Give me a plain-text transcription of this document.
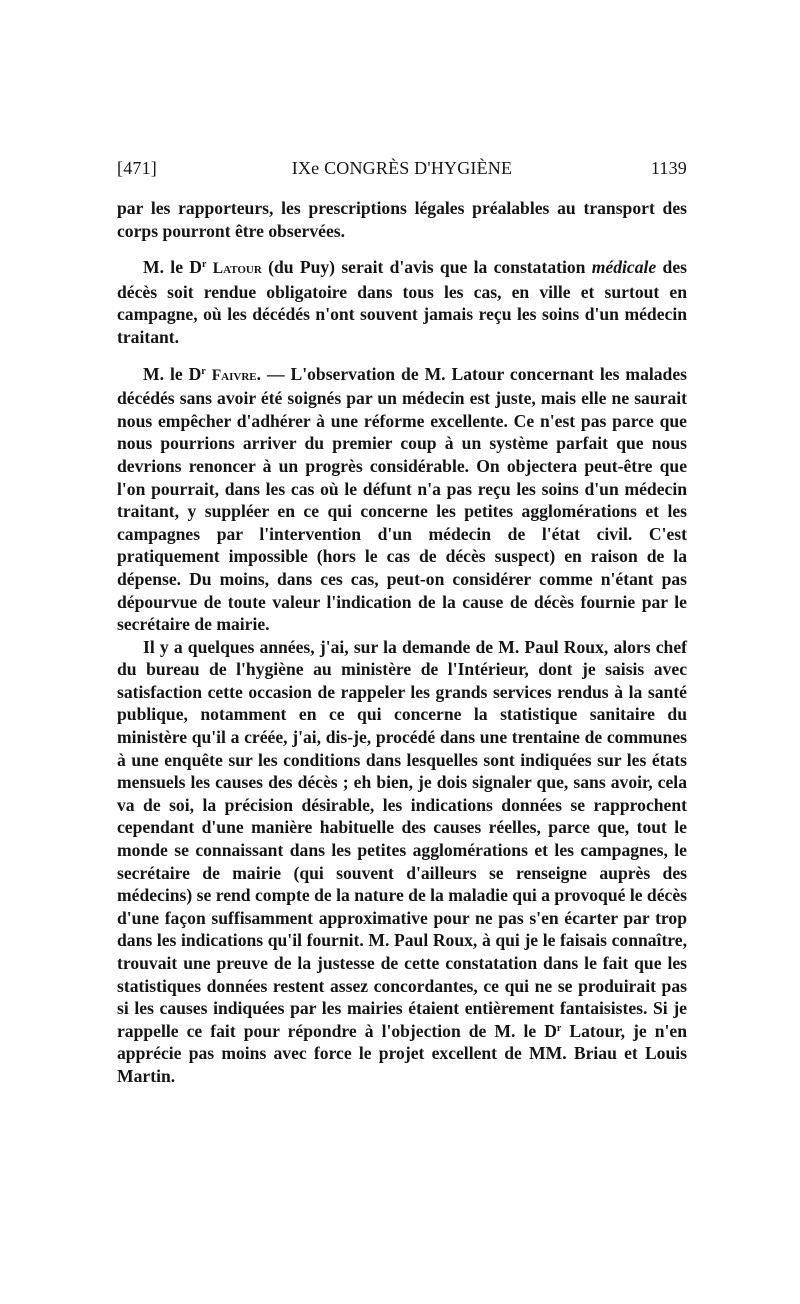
[471]	IXe CONGRÈS D'HYGIÈNE	1139

par les rapporteurs, les prescriptions légales préalables au transport des corps pourront être observées.

M. le $D^r$ Latour (du Puy) serait d'avis que la constatation médicale des décès soit rendue obligatoire dans tous les cas, en ville et surtout en campagne, où les décédés n'ont souvent jamais reçu les soins d'un médecin traitant.

M. le $D^r$ Faivre. — L'observation de M. Latour concernant les malades décédés sans avoir été soignés par un médecin est juste, mais elle ne saurait nous empêcher d'adhérer à une réforme excellente. Ce n'est pas parce que nous pourrions arriver du premier coup à un système parfait que nous devrions renoncer à un progrès considérable. On objectera peut-être que l'on pourrait, dans les cas où le défunt n'a pas reçu les soins d'un médecin traitant, y suppléer en ce qui concerne les petites agglomérations et les campagnes par l'intervention d'un médecin de l'état civil. C'est pratiquement impossible (hors le cas de décès suspect) en raison de la dépense. Du moins, dans ces cas, peut-on considérer comme n'étant pas dépourvue de toute valeur l'indication de la cause de décès fournie par le secrétaire de mairie.

Il y a quelques années, j'ai, sur la demande de M. Paul Roux, alors chef du bureau de l'hygiène au ministère de l'Intérieur, dont je saisis avec satisfaction cette occasion de rappeler les grands services rendus à la santé publique, notamment en ce qui concerne la statistique sanitaire du ministère qu'il a créée, j'ai, dis-je, procédé dans une trentaine de communes à une enquête sur les conditions dans lesquelles sont indiquées sur les états mensuels les causes des décès ; eh bien, je dois signaler que, sans avoir, cela va de soi, la précision désirable, les indications données se rapprochent cependant d'une manière habituelle des causes réelles, parce que, tout le monde se connaissant dans les petites agglomérations et les campagnes, le secrétaire de mairie (qui souvent d'ailleurs se renseigne auprès des médecins) se rend compte de la nature de la maladie qui a provoqué le décès d'une façon suffisamment approximative pour ne pas s'en écarter par trop dans les indications qu'il fournit. M. Paul Roux, à qui je le faisais connaître, trouvait une preuve de la justesse de cette constatation dans le fait que les statistiques données restent assez concordantes, ce qui ne se produirait pas si les causes indiquées par les mairies étaient entièrement fantaisistes. Si je rappelle ce fait pour répondre à l'objection de M. le $D^r$ Latour, je n'en apprécie pas moins avec force le projet excellent de MM. Briau et Louis Martin.
